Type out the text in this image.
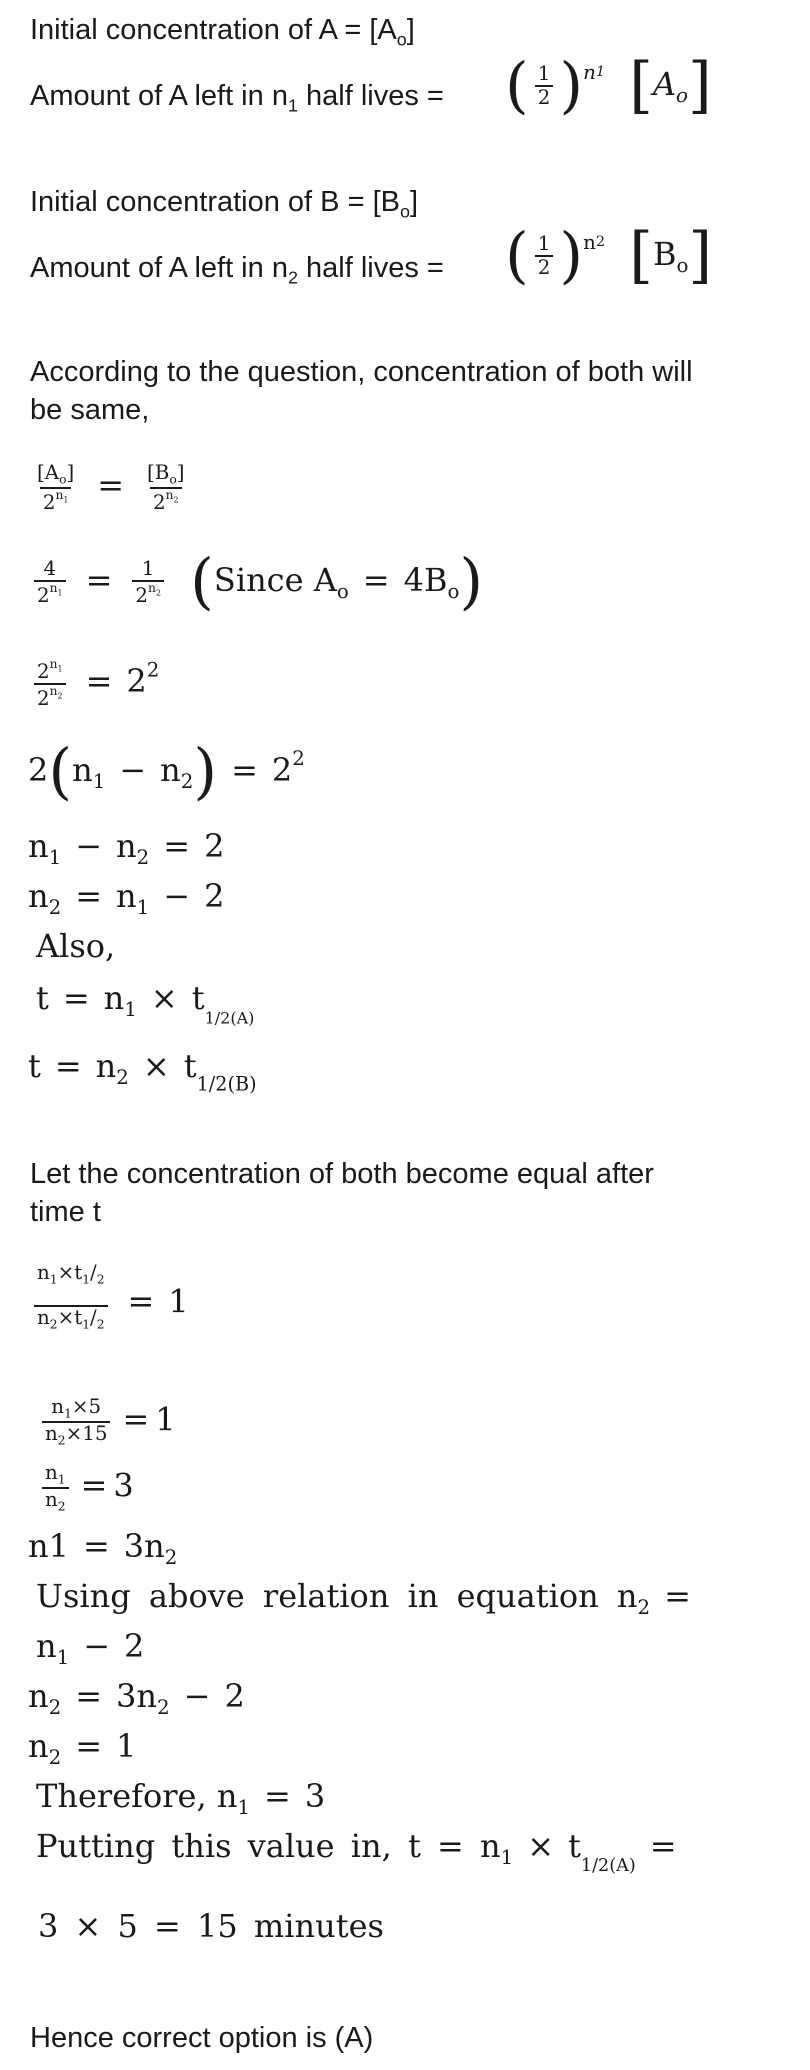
Initial concentration of $A = [A_o]$
Amount of A left in $n_1$ half lives = ( $\frac{1}{2} )^{n1}$ $[A_o]$
Initial concentration of $B = [B_o]$
Amount of A left in $n_2$ half lives = ( $\frac{1}{2} )^{n2}$ $[B_o]$
According to the question, concentration of both will
be same,
$\frac{[A_o]}{2^{n1}} = \frac{[B_o]}{2^{n2}}$
$\frac{4}{2^{n1}} = \frac{1}{2^{n2}}$ (Since $A_o = 4B_o$)
$\frac{2^{n1}}{2^{n2}} = 2^2$
$2(n_1 - n_2) = 2^2$
$n_1 - n_2 = 2$
$n_2 = n_1 - 2$
Also,
$t = n_1 \times t_{1/2(A)}$
$t = n_2 \times t_{1/2(B)}$
Let the concentration of both become equal after
time t
$\frac{n_1\times t_1/_2}{n_2\times t_1/_2} = 1$
$\frac{n_1\times 5}{n_2\times 15} = 1$
$\frac{n_1}{n_2} = 3$
$n1 = 3n_2$
Using above relation in equation $n_2$ =
$n_1 - 2$
$n_2 = 3n_2 - 2$
$n_2 = 1$
Therefore, $n_1 = 3$
Putting this value in, $t = n_1 \times t_{1/2(A)}=$
3 × 5 = 15 minutes
Hence correct option is (A)
